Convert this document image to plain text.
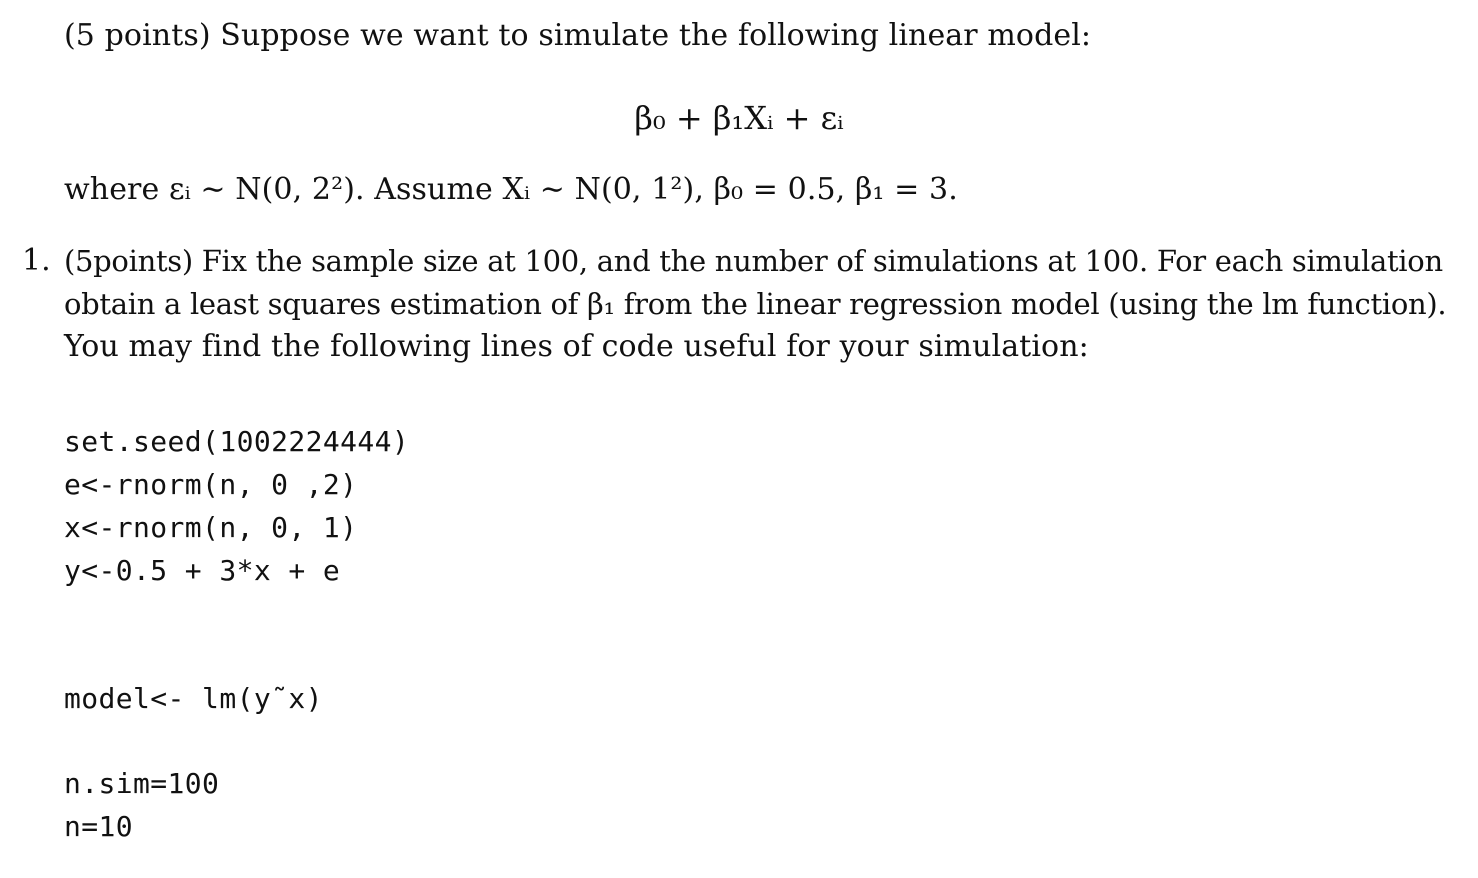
(5 points) Suppose we want to simulate the following linear model:
β₀ + β₁Xᵢ + εᵢ
where εᵢ ∼ N(0, 2²). Assume Xᵢ ∼ N(0, 1²), β₀ = 0.5, β₁ = 3.
1. (5points) Fix the sample size at 100, and the number of simulations at 100. For each simulation
obtain a least squares estimation of β₁ from the linear regression model (using the lm function).
You may find the following lines of code useful for your simulation:
set.seed(1002224444)
e<-rnorm(n, 0 ,2)
x<-rnorm(n, 0, 1)
y<-0.5 + 3*x + e
model<- lm(y˜x)
n.sim=100
n=10
